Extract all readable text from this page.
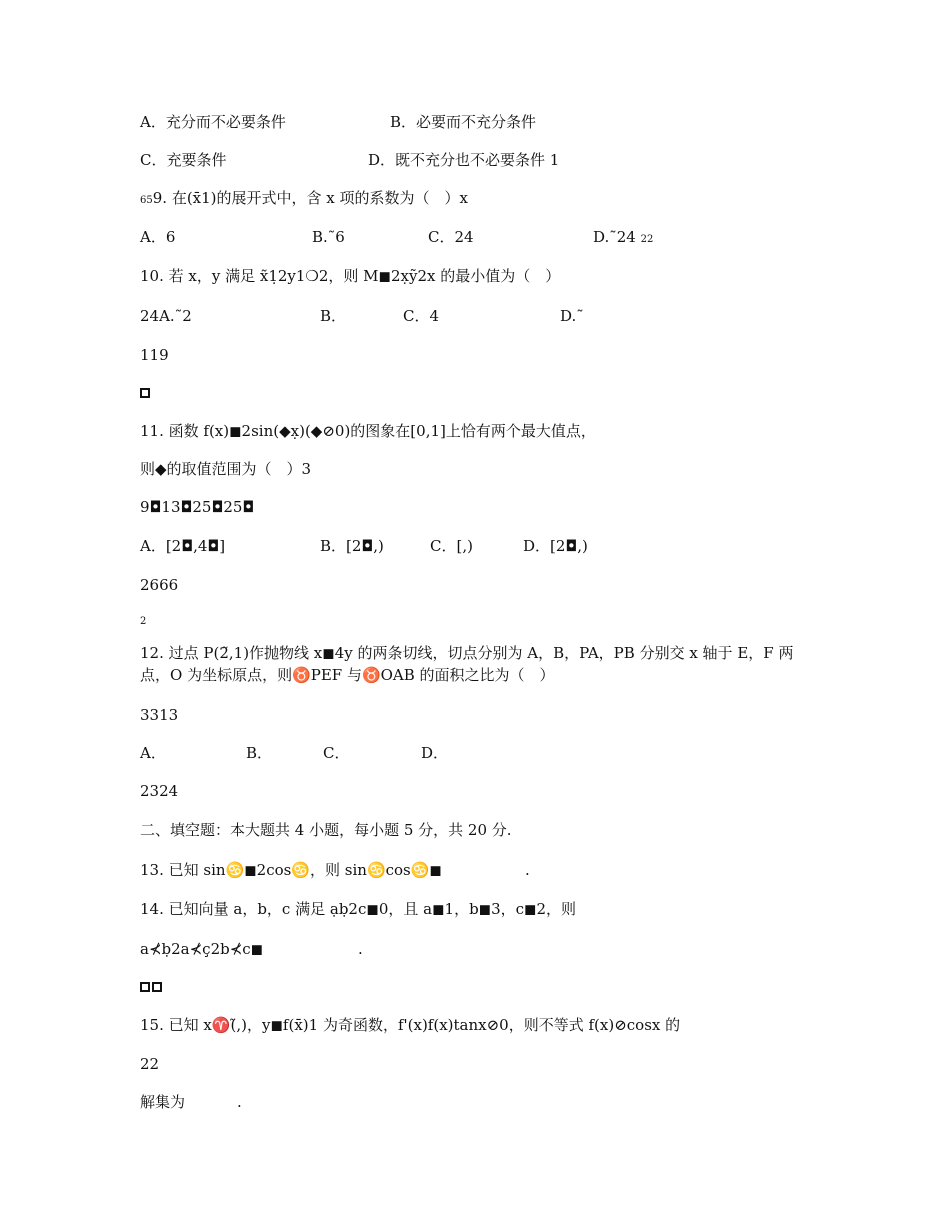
A．充分而不必要条件	B．必要而不充分条件
C．充要条件	D．既不充分也不必要条件 1
659. 在(x̄1)的展开式中，含 x 项的系数为（　）x
A．6	B.˜6	C．24	D.˜24 22
10. 若 x，y 满足 x̃1̣2y1❍2，则 M◼2x̣ỹ2x 的最小值为（　）
24A.˜2	B．	C．4	D.˜
119
11. 函数 f(x)◼2sin(◆x̣)(◆⊘0)的图象在[0,1]上恰有两个最大值点，
则◆的取值范围为（　）3
9◘13◘25◘25◘
A．[2◘,4◘]	B．[2◘,)	C．[,)	D．[2◘,)
2666
2
12. 过点 P(2̃,1)作抛物线 x◼4y 的两条切线，切点分别为 A，B，PA，PB 分别交 x 轴于 E，F 两
点，O 为坐标原点，则♉PEF 与♉OAB 的面积之比为（　）
3313
A．	B．	C．	D．
2324
二、填空题：本大题共 4 小题，每小题 5 分，共 20 分.
13. 已知 sin♋◼2cos♋，则 sin♋cos♋◼	.
14. 已知向量 a，b，c 满足 ạḅ2c◼0，且 a◼1，b◼3，c◼2，则
a⊀ḅ2a⊀ç2b⊀c◼	.
15. 已知 x♈(̃,)，y◼f(x̄)1 为奇函数，f'(x)f(x)tanx⊘0，则不等式 f(x)⊘cosx 的
22
解集为	.
